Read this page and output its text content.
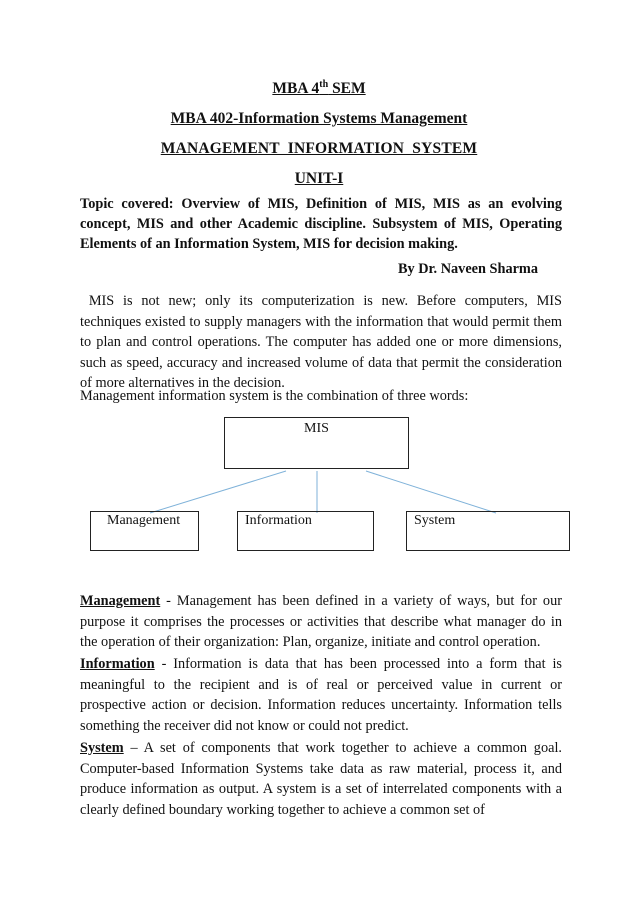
MBA 4th SEM
MBA 402-Information Systems Management
MANAGEMENT  INFORMATION  SYSTEM
UNIT-I
Topic covered: Overview of MIS, Definition of MIS, MIS as an evolving concept, MIS and other Academic discipline. Subsystem of MIS, Operating Elements of an Information System, MIS for decision making.
By Dr. Naveen Sharma
MIS is not new; only its computerization is new. Before computers, MIS techniques existed to supply managers with the information that would permit them to plan and control operations. The computer has added one or more dimensions, such as speed, accuracy and increased volume of data that permit the consideration of more alternatives in the decision.
Management information system is the combination of three words:
MIS
Management	Information	System
Management - Management has been defined in a variety of ways, but for our purpose it comprises the processes or activities that describe what manager do in the operation of their organization: Plan, organize, initiate and control operation.
Information - Information is data that has been processed into a form that is meaningful to the recipient and is of real or perceived value in current or prospective action or decision. Information reduces uncertainty. Information tells something the receiver did not know or could not predict.
System – A set of components that work together to achieve a common goal. Computer-based Information Systems take data as raw material, process it, and produce information as output. A system is a set of interrelated components with a clearly defined boundary working together to achieve a common set of
